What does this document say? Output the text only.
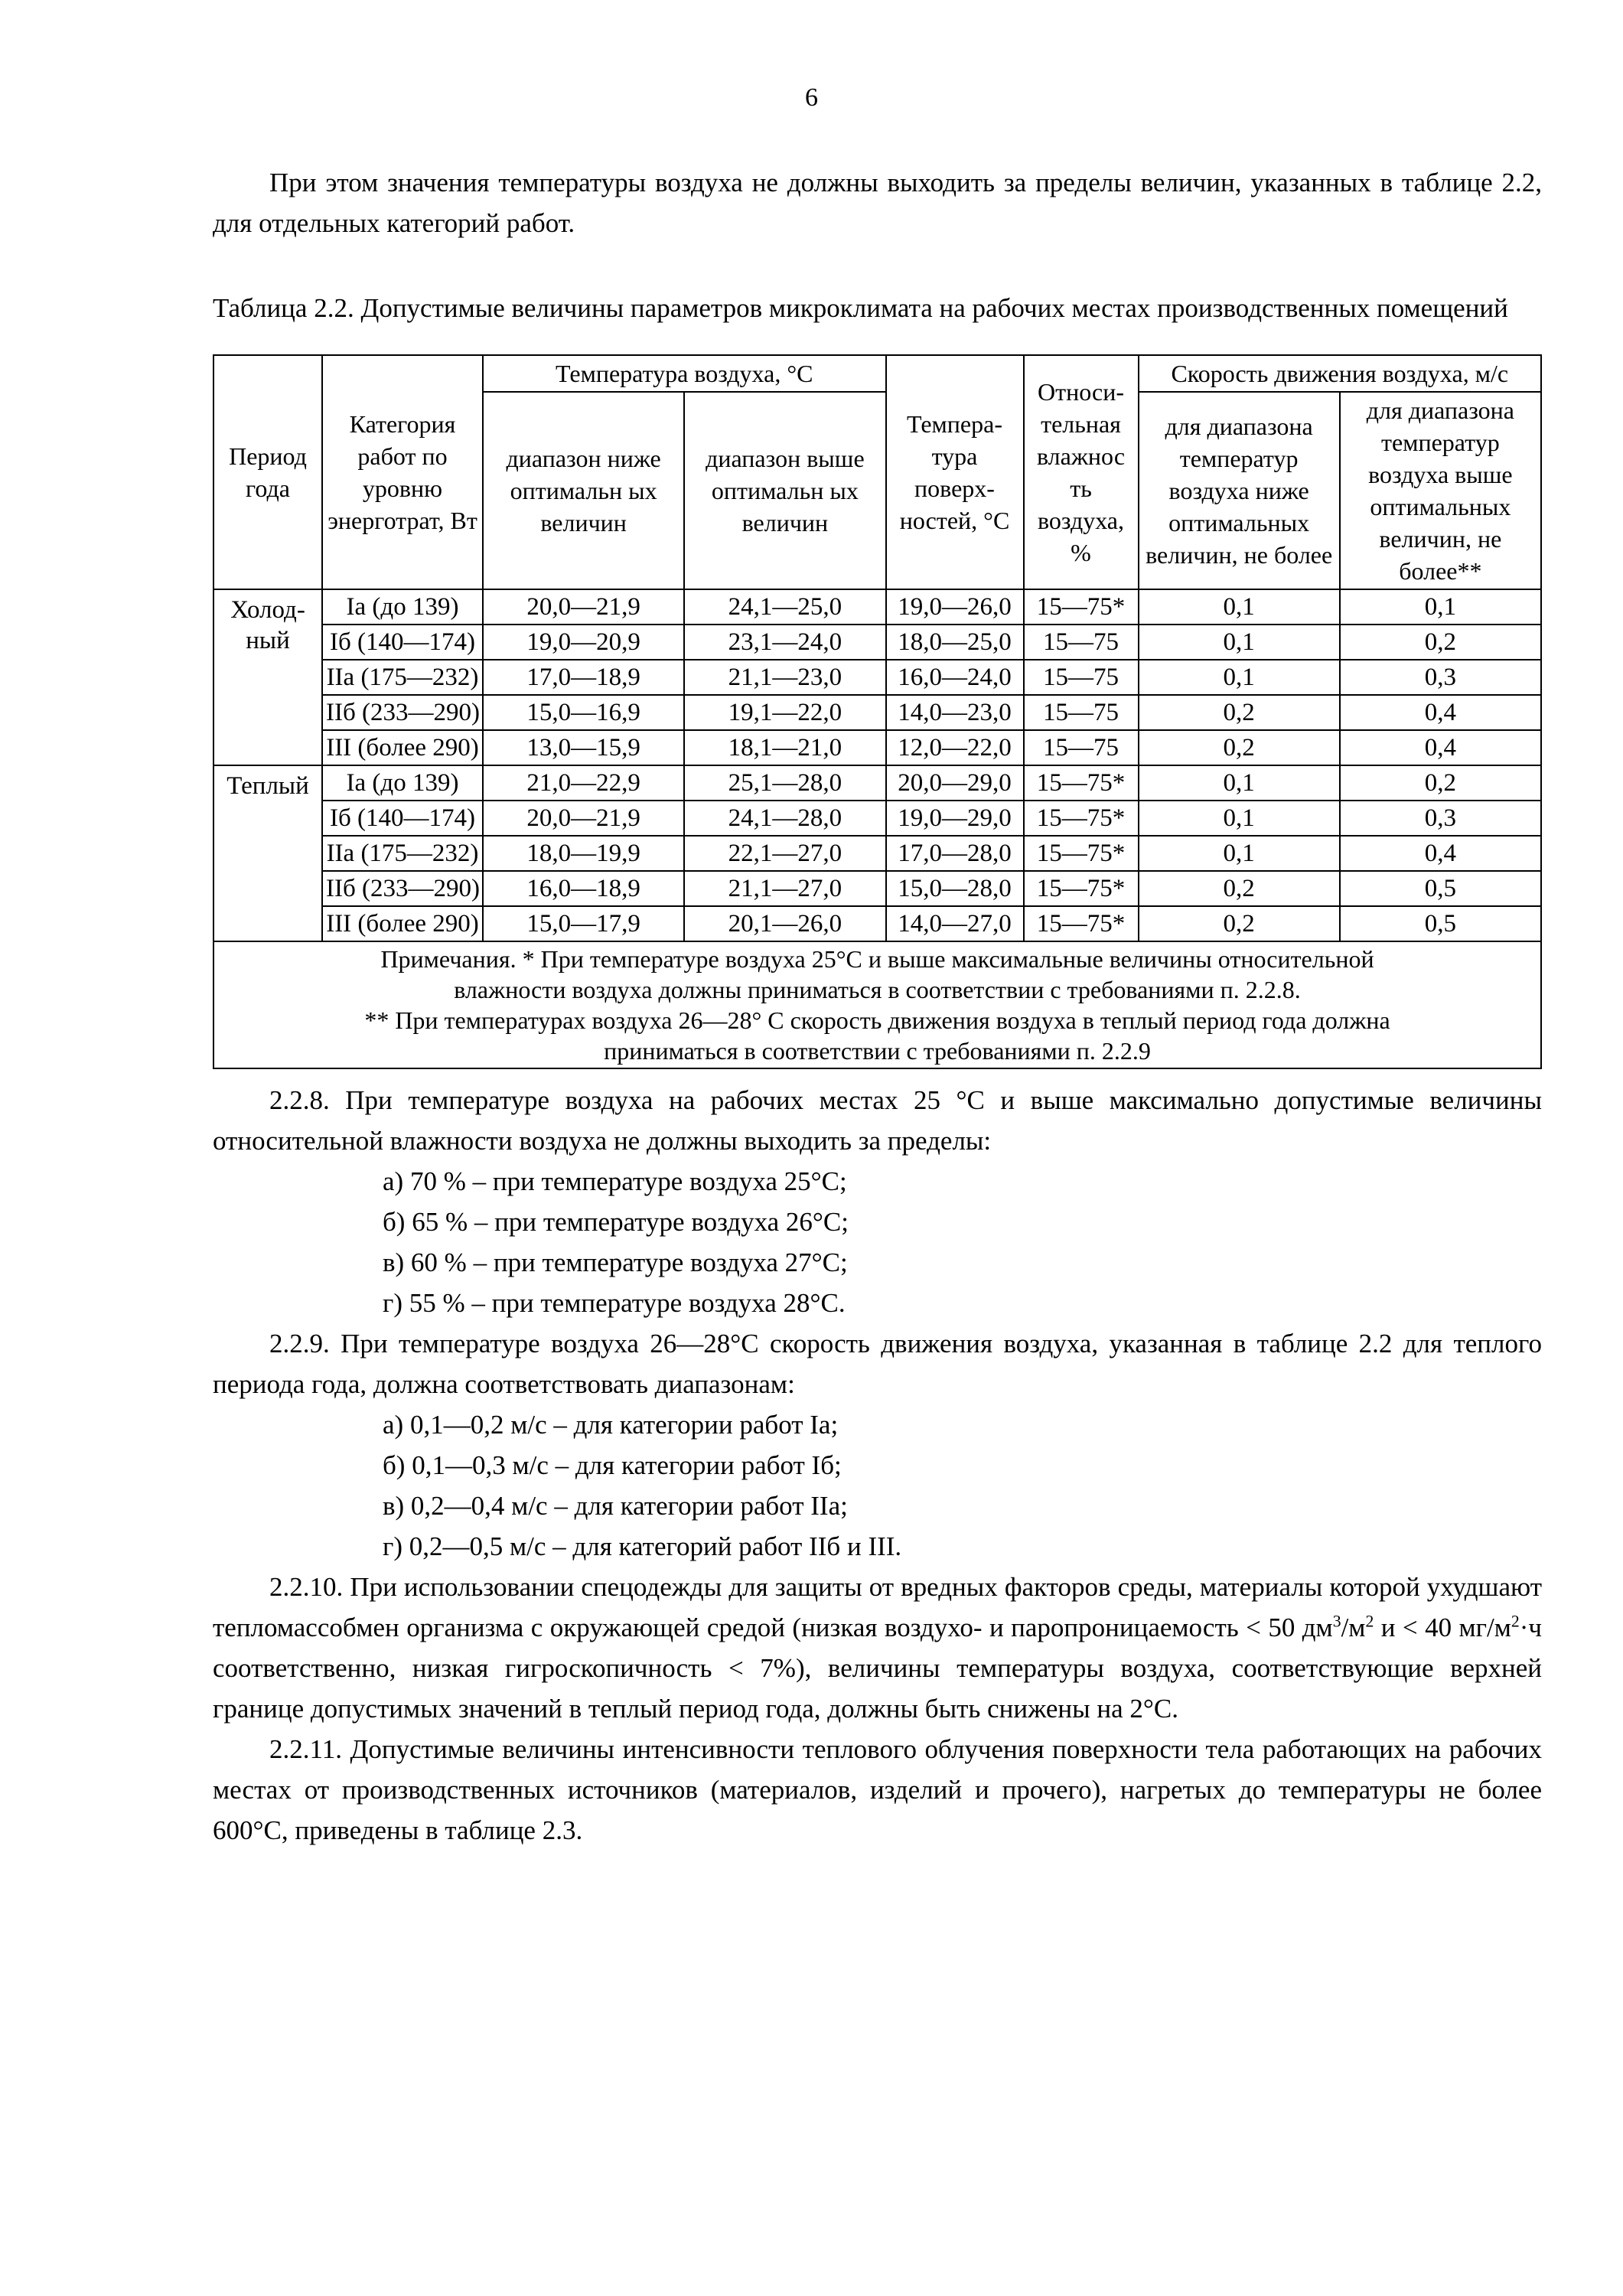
6

При этом значения температуры воздуха не должны выходить за пределы величин, указанных в таблице 2.2, для отдельных категорий работ.

Таблица 2.2. Допустимые величины параметров микроклимата на рабочих местах производственных помещений

Период года	Категория работ по уровню энерготрат, Вт	Температура воздуха, °C		Темпера-тура поверх-ностей, °C	Относи-тельная влажнос ть воздуха, %	Скорость движения воздуха, м/с	
		диапазон ниже оптимальн ых величин	диапазон выше оптимальн ых величин			для диапазона температур воздуха ниже оптимальных величин, не более	для диапазона температур воздуха выше оптимальных величин, не более**
Холод-ный	Ia (до 139)	20,0—21,9	24,1—25,0	19,0—26,0	15—75*	0,1	0,1
	Iб (140—174)	19,0—20,9	23,1—24,0	18,0—25,0	15—75	0,1	0,2
	IIа (175—232)	17,0—18,9	21,1—23,0	16,0—24,0	15—75	0,1	0,3
	IIб (233—290)	15,0—16,9	19,1—22,0	14,0—23,0	15—75	0,2	0,4
	III (более 290)	13,0—15,9	18,1—21,0	12,0—22,0	15—75	0,2	0,4
Теплый	Ia (до 139)	21,0—22,9	25,1—28,0	20,0—29,0	15—75*	0,1	0,2
	Iб (140—174)	20,0—21,9	24,1—28,0	19,0—29,0	15—75*	0,1	0,3
	IIа (175—232)	18,0—19,9	22,1—27,0	17,0—28,0	15—75*	0,1	0,4
	IIб (233—290)	16,0—18,9	21,1—27,0	15,0—28,0	15—75*	0,2	0,5
	III (более 290)	15,0—17,9	20,1—26,0	14,0—27,0	15—75*	0,2	0,5

Примечания. * При температуре воздуха 25°С и выше максимальные величины относительной
влажности воздуха должны приниматься в соответствии с требованиями п. 2.2.8.
** При температурах воздуха 26—28° С скорость движения воздуха в теплый период года должна
приниматься в соответствии с требованиями п. 2.2.9							

2.2.8. При температуре воздуха на рабочих местах 25 °C и выше максимально допустимые величины относительной влажности воздуха не должны выходить за пределы:

а) 70 % – при температуре воздуха 25°С;

б) 65 % – при температуре воздуха 26°С;

в) 60 % – при температуре воздуха 27°С;

г) 55 % – при температуре воздуха 28°С.

2.2.9. При температуре воздуха 26—28°С скорость движения воздуха, указанная в таблице 2.2 для теплого периода года, должна соответствовать диапазонам:

а) 0,1—0,2 м/с – для категории работ Ia;

б) 0,1—0,3 м/с – для категории работ Iб;

в) 0,2—0,4 м/с – для категории работ IIа;

г) 0,2—0,5 м/с – для категорий работ IIб и III.

2.2.10. При использовании спецодежды для защиты от вредных факторов среды, материалы которой ухудшают тепломассобмен организма с окружающей средой (низкая воздухо- и паропроницаемость < 50 $дм^3/м^2$ и < 40 $мг/м^2\cdot ч$ соответственно, низкая гигроскопичность < 7%), величины температуры воздуха, соответствующие верхней границе допустимых значений в теплый период года, должны быть снижены на 2°С.

2.2.11. Допустимые величины интенсивности теплового облучения поверхности тела работающих на рабочих местах от производственных источников (материалов, изделий и прочего), нагретых до температуры не более 600°С, приведены в таблице 2.3.
